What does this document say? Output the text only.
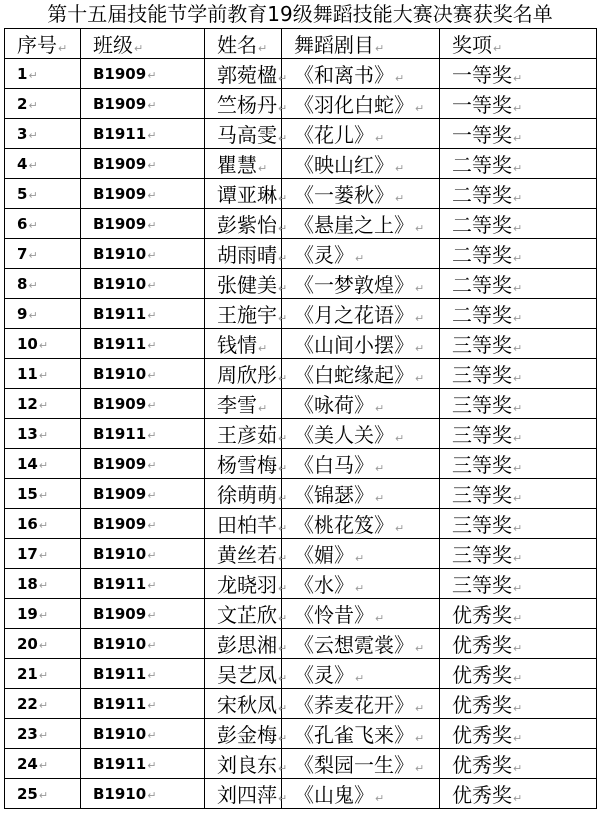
第十五届技能节学前教育19级舞蹈技能大赛决赛获奖名单
序号↵	班级↵	姓名↵	舞蹈剧目↵	奖项↵
1↵	B1909↵	郭菀楹↵	《和离书》↵	一等奖↵
2↵	B1909↵	竺杨丹↵	《羽化白蛇》↵	一等奖↵
3↵	B1911↵	马高雯↵	《花儿》↵	一等奖↵
4↵	B1909↵	瞿慧↵	《映山红》↵	二等奖↵
5↵	B1909↵	谭亚琳↵	《一蒌秋》↵	二等奖↵
6↵	B1909↵	彭紫怡↵	《悬崖之上》↵	二等奖↵
7↵	B1910↵	胡雨晴↵	《灵》↵	二等奖↵
8↵	B1910↵	张健美↵	《一梦敦煌》↵	二等奖↵
9↵	B1911↵	王施宇↵	《月之花语》↵	二等奖↵
10↵	B1911↵	钱情↵	《山间小摆》↵	三等奖↵
11↵	B1910↵	周欣彤↵	《白蛇缘起》↵	三等奖↵
12↵	B1909↵	李雪↵	《咏荷》↵	三等奖↵
13↵	B1911↵	王彦茹↵	《美人关》↵	三等奖↵
14↵	B1909↵	杨雪梅↵	《白马》↵	三等奖↵
15↵	B1909↵	徐萌萌↵	《锦瑟》↵	三等奖↵
16↵	B1909↵	田柏芊↵	《桃花笈》↵	三等奖↵
17↵	B1910↵	黄丝若↵	《媚》↵	三等奖↵
18↵	B1911↵	龙晓羽↵	《水》↵	三等奖↵
19↵	B1909↵	文芷欣↵	《怜昔》↵	优秀奖↵
20↵	B1910↵	彭思湘↵	《云想霓裳》↵	优秀奖↵
21↵	B1911↵	吴艺凤↵	《灵》↵	优秀奖↵
22↵	B1911↵	宋秋凤↵	《荞麦花开》↵	优秀奖↵
23↵	B1910↵	彭金梅↵	《孔雀飞来》↵	优秀奖↵
24↵	B1911↵	刘良东↵	《梨园一生》↵	优秀奖↵
25↵	B1910↵	刘四萍↵	《山鬼》↵	优秀奖↵
